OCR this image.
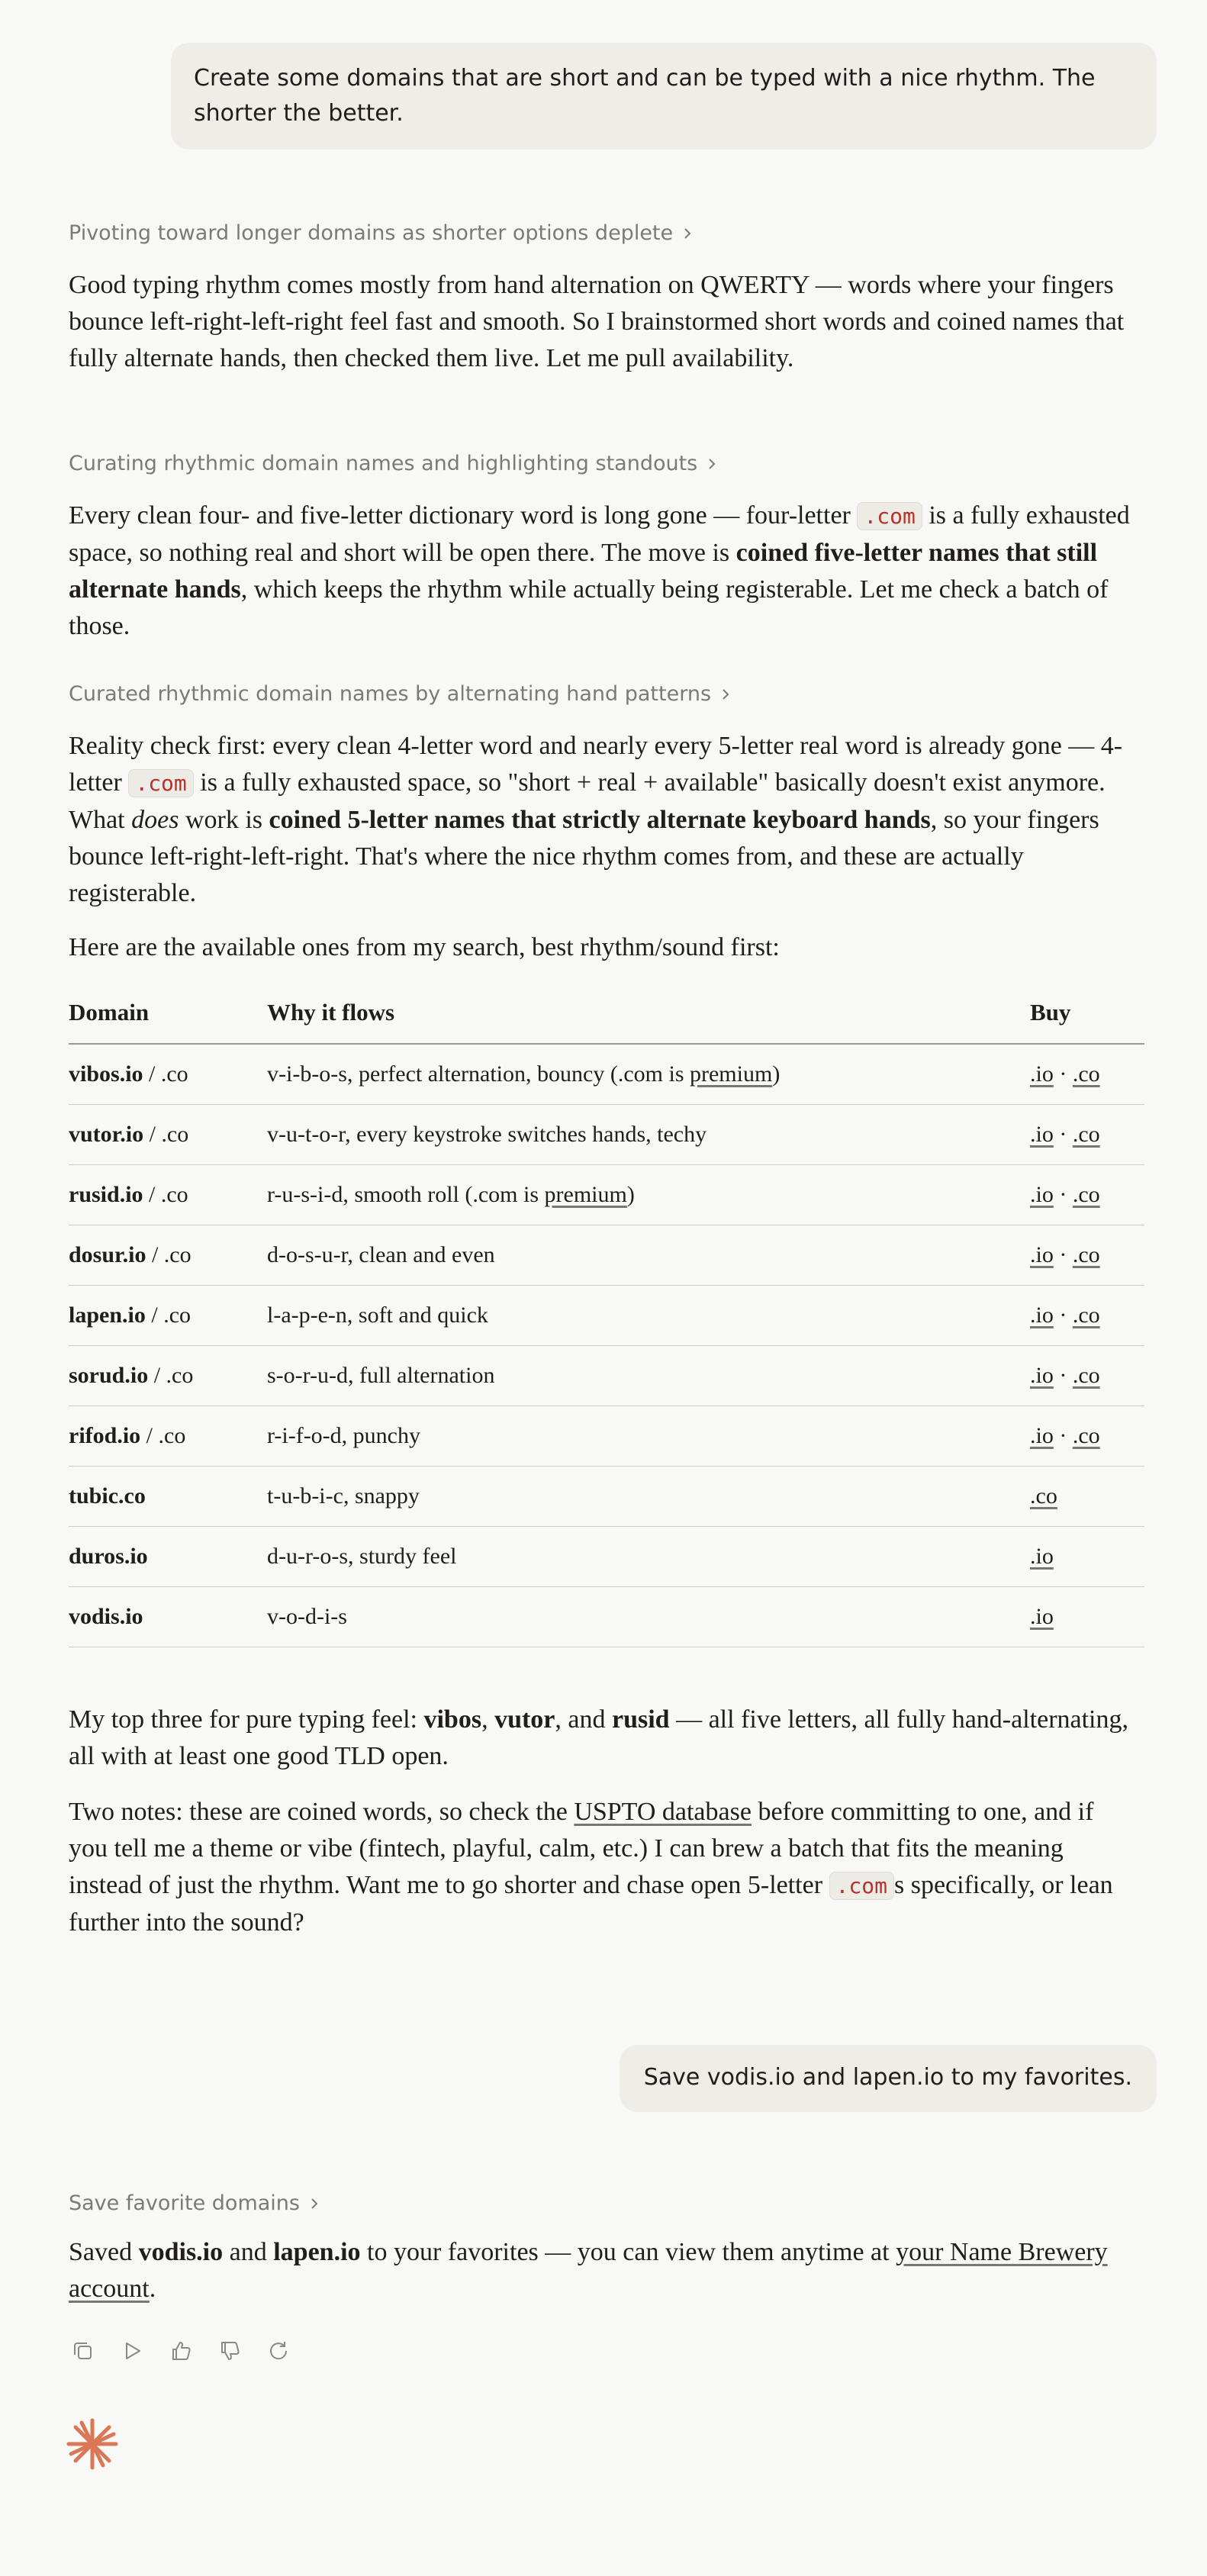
Create some domains that are short and can be typed with a nice rhythm. The shorter the better.
Pivoting toward longer domains as shorter options deplete
Good typing rhythm comes mostly from hand alternation on QWERTY — words where your fingers bounce left-right-left-right feel fast and smooth. So I brainstormed short words and coined names that fully alternate hands, then checked them live. Let me pull availability.
Curating rhythmic domain names and highlighting standouts
Every clean four- and five-letter dictionary word is long gone — four-letter .com is a fully exhausted space, so nothing real and short will be open there. The move is coined five-letter names that still alternate hands, which keeps the rhythm while actually being registerable. Let me check a batch of those.
Curated rhythmic domain names by alternating hand patterns
Reality check first: every clean 4-letter word and nearly every 5-letter real word is already gone — 4-letter .com is a fully exhausted space, so "short + real + available" basically doesn't exist anymore. What does work is coined 5-letter names that strictly alternate keyboard hands, so your fingers bounce left-right-left-right. That's where the nice rhythm comes from, and these are actually registerable.
Here are the available ones from my search, best rhythm/sound first:
Domain	Why it flows	Buy
vibos.io / .co	v-i-b-o-s, perfect alternation, bouncy (.com is premium)	.io · .co
vutor.io / .co	v-u-t-o-r, every keystroke switches hands, techy	.io · .co
rusid.io / .co	r-u-s-i-d, smooth roll (.com is premium)	.io · .co
dosur.io / .co	d-o-s-u-r, clean and even	.io · .co
lapen.io / .co	l-a-p-e-n, soft and quick	.io · .co
sorud.io / .co	s-o-r-u-d, full alternation	.io · .co
rifod.io / .co	r-i-f-o-d, punchy	.io · .co
tubic.co	t-u-b-i-c, snappy	.co
duros.io	d-u-r-o-s, sturdy feel	.io
vodis.io	v-o-d-i-s	.io
My top three for pure typing feel: vibos, vutor, and rusid — all five letters, all fully hand-alternating, all with at least one good TLD open.
Two notes: these are coined words, so check the USPTO database before committing to one, and if you tell me a theme or vibe (fintech, playful, calm, etc.) I can brew a batch that fits the meaning instead of just the rhythm. Want me to go shorter and chase open 5-letter .com s specifically, or lean further into the sound?
Save vodis.io and lapen.io to my favorites.
Save favorite domains
Saved vodis.io and lapen.io to your favorites — you can view them anytime at your Name Brewery account.
